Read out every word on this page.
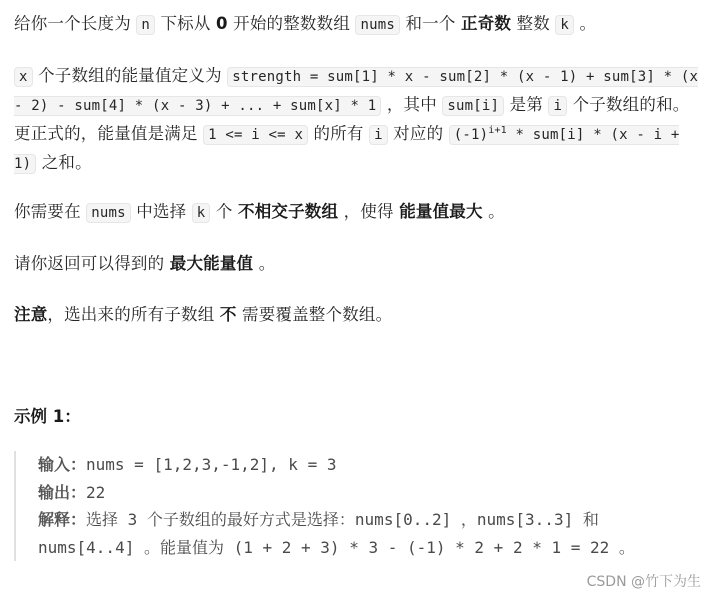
给你一个长度为 n 下标从 0 开始的整数数组 nums 和一个 正奇数 整数 k 。

x 个子数组的能量值定义为 strength = sum[1] * x - sum[2] * (x - 1) + sum[3] * (x - 2) - sum[4] * (x - 3) + ... + sum[x] * 1 ，其中 sum[i] 是第 i 个子数组的和。更正式的，能量值是满足 1 <= i <= x 的所有 i 对应的 $(-1)^{i+1} * sum[i] * (x - i + 1)$ 之和。

你需要在 nums 中选择 k 个 不相交子数组 ，使得 能量值最大 。

请你返回可以得到的 最大能量值 。

注意，选出来的所有子数组 不 需要覆盖整个数组。

示例 1：

输入：nums = [1,2,3,-1,2], k = 3
输出：22
解释：选择 3 个子数组的最好方式是选择：nums[0..2] ，nums[3..3] 和 nums[4..4] 。能量值为 (1 + 2 + 3) * 3 - (-1) * 2 + 2 * 1 = 22 。
CSDN @竹下为生
